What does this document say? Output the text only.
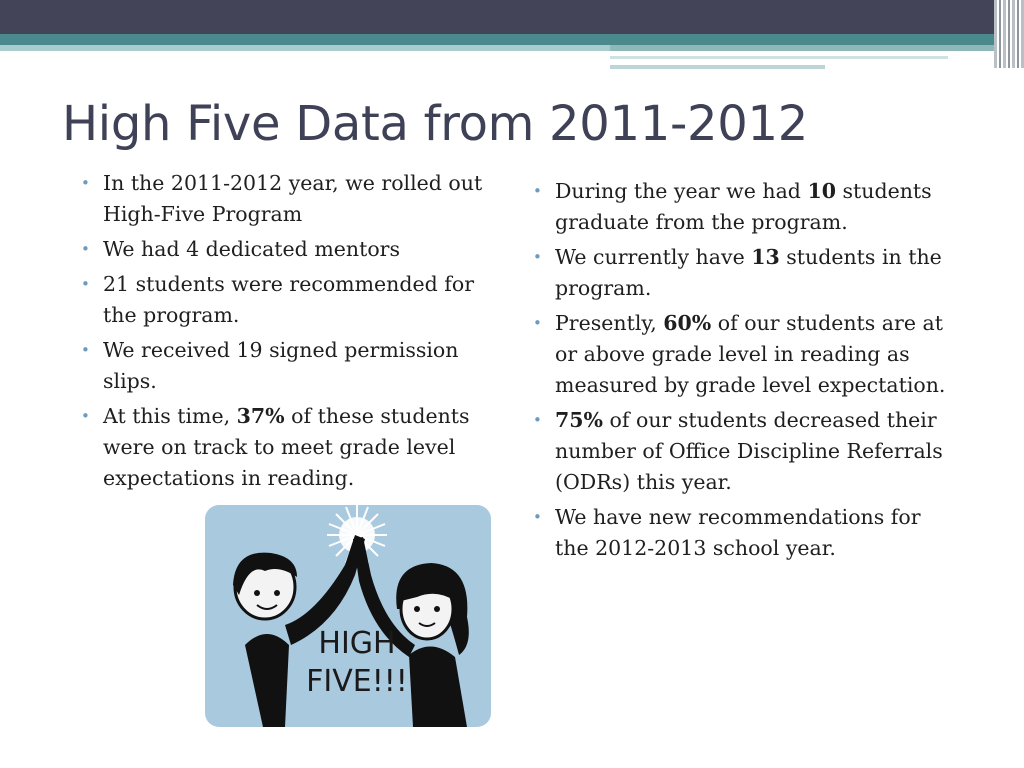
High Five Data from 2011-2012
• In the 2011-2012 year, we rolled out High-Five Program
• We had 4 dedicated mentors
• 21 students were recommended for the program.
• We received 19 signed permission slips.
• At this time, 37% of these students were on track to meet grade level expectations in reading.
• During the year we had 10 students graduate from the program.
• We currently have 13 students in the program.
• Presently, 60% of our students are at or above grade level in reading as measured by grade level expectation.
• 75% of our students decreased their number of Office Discipline Referrals (ODRs) this year.
• We have new recommendations for the 2012-2013 school year.
HIGH
FIVE!!!
